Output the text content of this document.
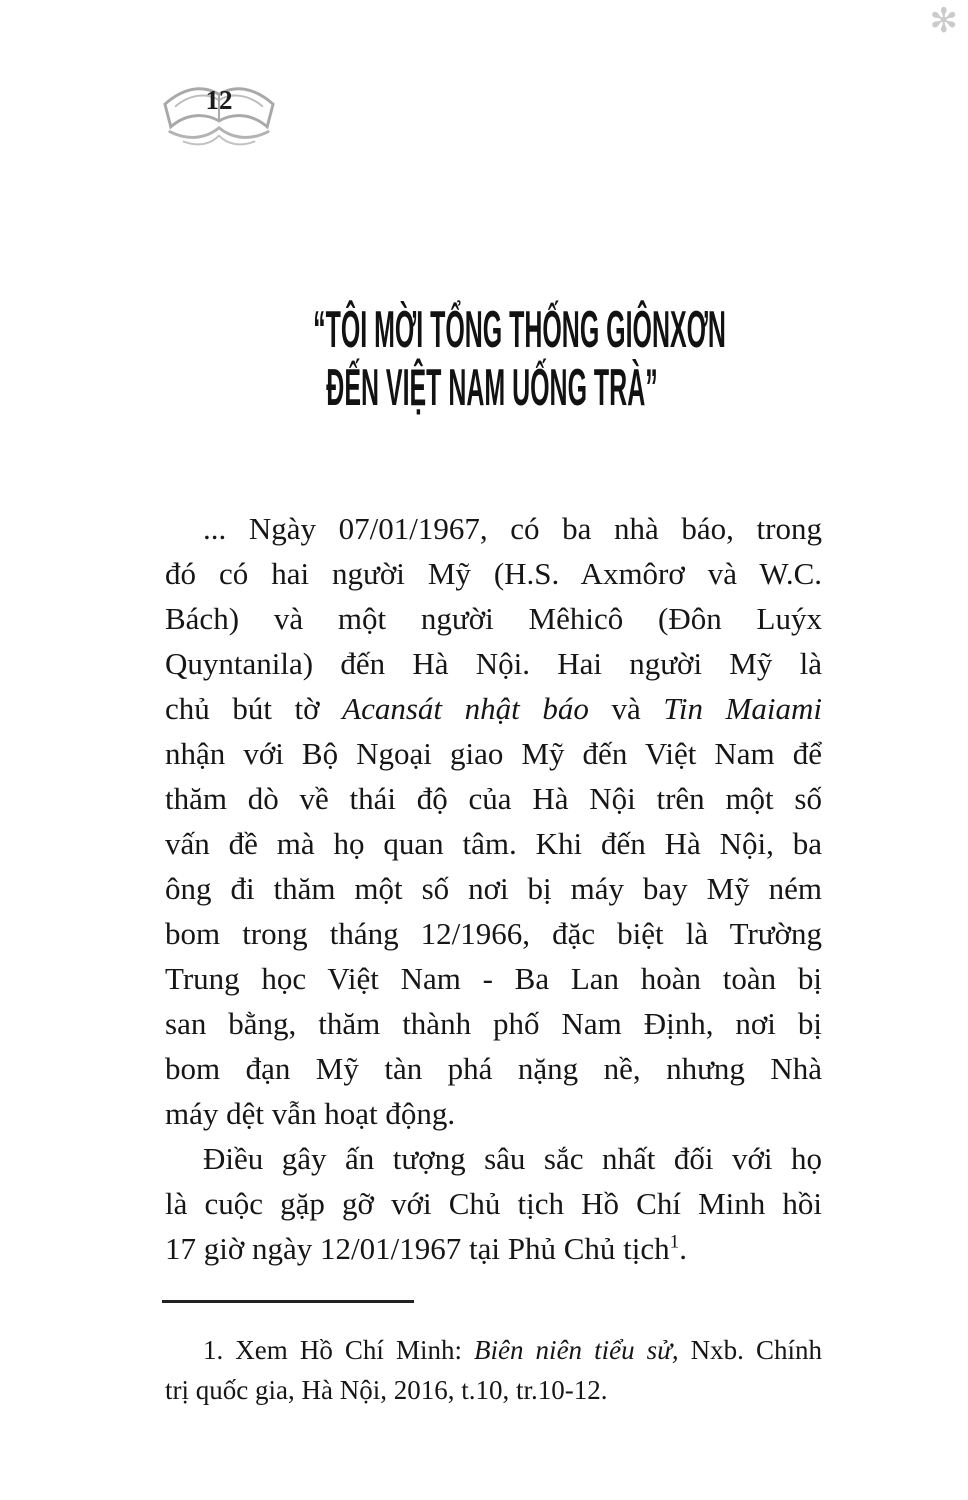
12
✻
“TÔI MỜI TỔNG THỐNG GIÔNXƠN
ĐẾN VIỆT NAM UỐNG TRÀ”
... Ngày 07/01/1967, có ba nhà báo, trong
đó có hai người Mỹ (H.S. Axmôrơ và W.C.
Bách) và một người Mêhicô (Đôn Luýx
Quyntanila) đến Hà Nội. Hai người Mỹ là
chủ bút tờ Acansát nhật báo và Tin Maiami
nhận với Bộ Ngoại giao Mỹ đến Việt Nam để
thăm dò về thái độ của Hà Nội trên một số
vấn đề mà họ quan tâm. Khi đến Hà Nội, ba
ông đi thăm một số nơi bị máy bay Mỹ ném
bom trong tháng 12/1966, đặc biệt là Trường
Trung học Việt Nam - Ba Lan hoàn toàn bị
san bằng, thăm thành phố Nam Định, nơi bị
bom đạn Mỹ tàn phá nặng nề, nhưng Nhà
máy dệt vẫn hoạt động.
Điều gây ấn tượng sâu sắc nhất đối với họ
là cuộc gặp gỡ với Chủ tịch Hồ Chí Minh hồi
17 giờ ngày 12/01/1967 tại Phủ Chủ tịch$^1$.
1. Xem Hồ Chí Minh: Biên niên tiểu sử, Nxb. Chính
trị quốc gia, Hà Nội, 2016, t.10, tr.10-12.
